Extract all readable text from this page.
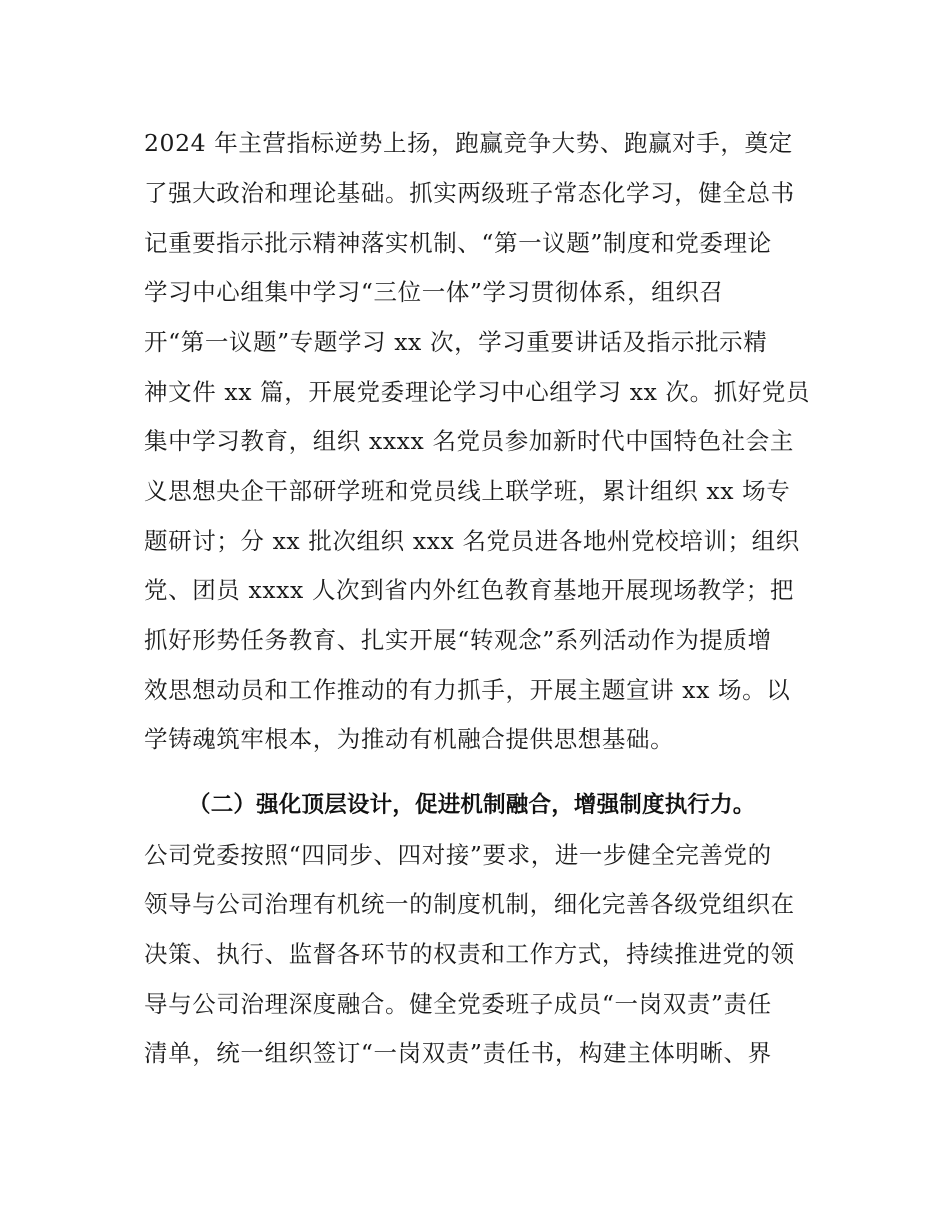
2024 年主营指标逆势上扬，跑赢竞争大势、跑赢对手，奠定
了强大政治和理论基础。抓实两级班子常态化学习，健全总书
记重要指示批示精神落实机制、“第一议题”制度和党委理论
学习中心组集中学习“三位一体”学习贯彻体系，组织召
开“第一议题”专题学习 xx 次，学习重要讲话及指示批示精
神文件 xx 篇，开展党委理论学习中心组学习 xx 次。抓好党员
集中学习教育，组织 xxxx 名党员参加新时代中国特色社会主
义思想央企干部研学班和党员线上联学班，累计组织 xx 场专
题研讨；分 xx 批次组织 xxx 名党员进各地州党校培训；组织
党、团员 xxxx 人次到省内外红色教育基地开展现场教学；把
抓好形势任务教育、扎实开展“转观念”系列活动作为提质增
效思想动员和工作推动的有力抓手，开展主题宣讲 xx 场。以
学铸魂筑牢根本，为推动有机融合提供思想基础。
（二）强化顶层设计，促进机制融合，增强制度执行力。
公司党委按照“四同步、四对接”要求，进一步健全完善党的
领导与公司治理有机统一的制度机制，细化完善各级党组织在
决策、执行、监督各环节的权责和工作方式，持续推进党的领
导与公司治理深度融合。健全党委班子成员“一岗双责”责任
清单，统一组织签订“一岗双责”责任书，构建主体明晰、界
